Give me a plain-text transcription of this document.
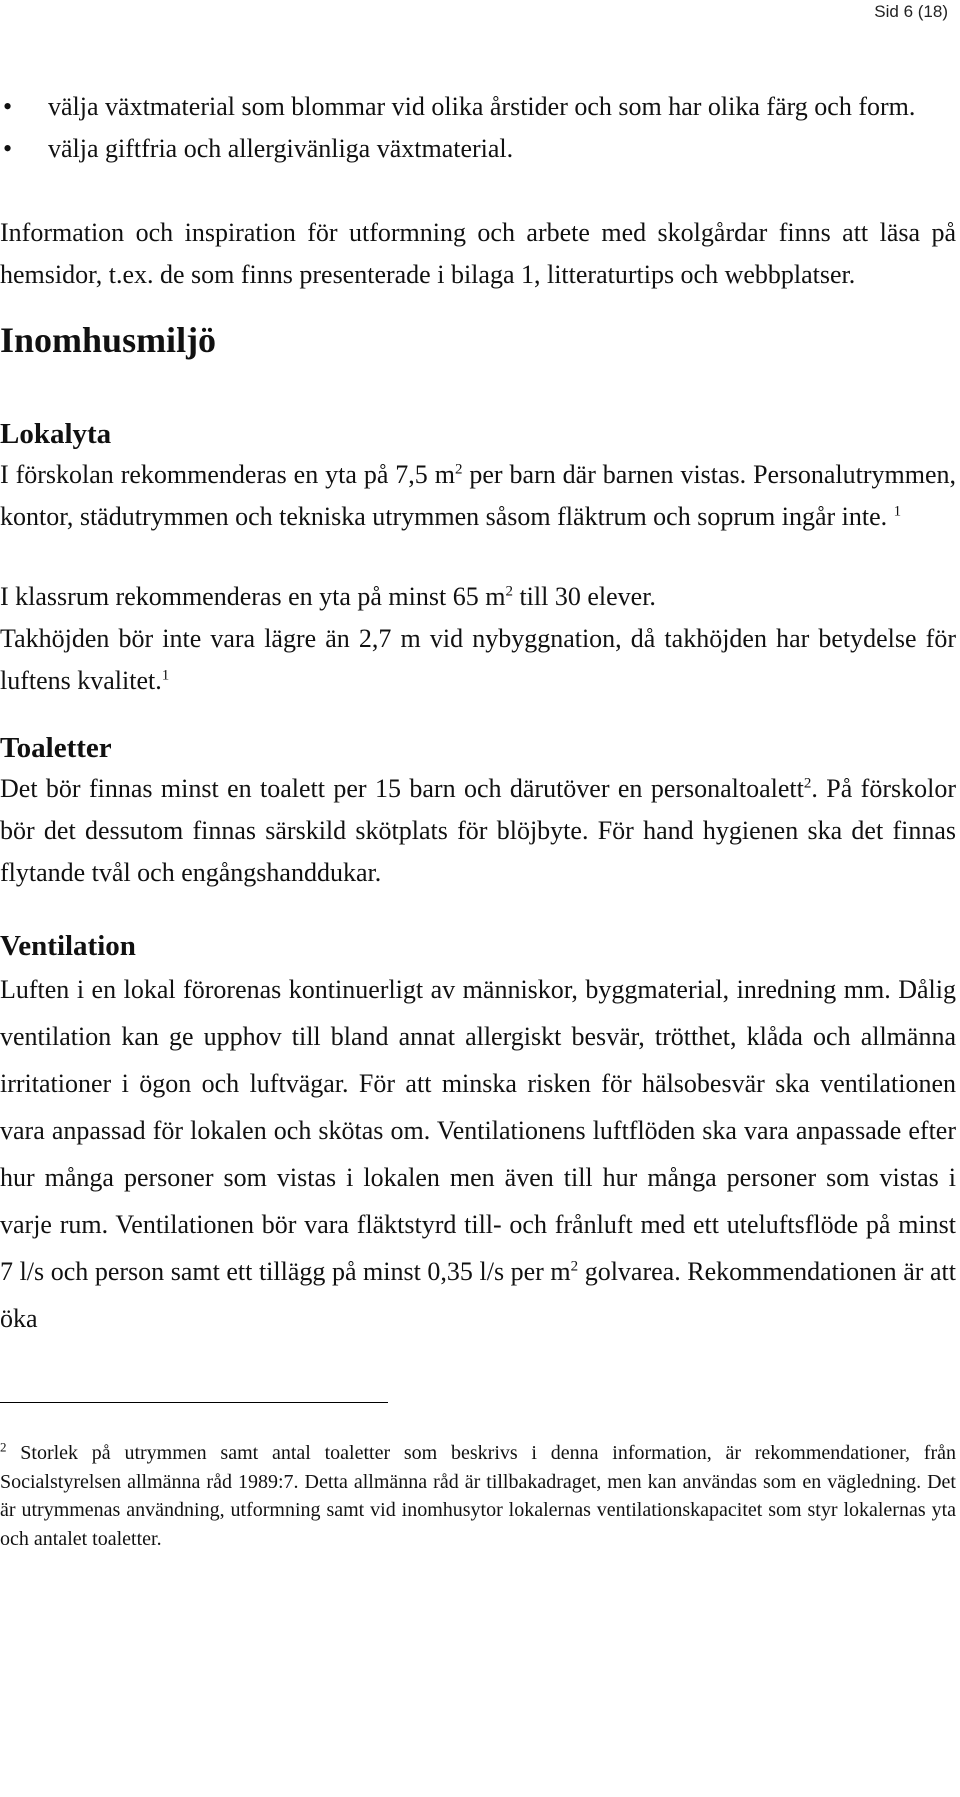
Sid 6 (18)
• välja växtmaterial som blommar vid olika årstider och som har olika färg och form.
• välja giftfria och allergivänliga växtmaterial.

Information och inspiration för utformning och arbete med skolgårdar finns att läsa på hemsidor, t.ex. de som finns presenterade i bilaga 1, litteraturtips och webbplatser.

Inomhusmiljö
Lokalyta

I förskolan rekommenderas en yta på 7,5 $m^2$ per barn där barnen vistas. Personalutrymmen, kontor, städutrymmen och tekniska utrymmen såsom fläktrum och soprum ingår inte. $^1$

I klassrum rekommenderas en yta på minst 65 $m^2$ till 30 elever.

Takhöjden bör inte vara lägre än 2,7 m vid nybyggnation, då takhöjden har betydelse för luftens kvalitet.$^1$

Toaletter

Det bör finnas minst en toalett per 15 barn och därutöver en personaltoalett$^2$. På förskolor bör det dessutom finnas särskild skötplats för blöjbyte. För hand hygienen ska det finnas flytande tvål och engångshanddukar.

Ventilation

Luften i en lokal förorenas kontinuerligt av människor, byggmaterial, inredning mm. Dålig ventilation kan ge upphov till bland annat allergiskt besvär, trötthet, klåda och allmänna irritationer i ögon och luftvägar. För att minska risken för hälsobesvär ska ventilationen vara anpassad för lokalen och skötas om. Ventilationens luftflöden ska vara anpassade efter hur många personer som vistas i lokalen men även till hur många personer som vistas i varje rum. Ventilationen bör vara fläktstyrd till- och frånluft med ett uteluftsflöde på minst 7 l/s och person samt ett tillägg på minst 0,35 l/s per $m^2$ golvarea. Rekommendationen är att öka

$^2$ Storlek på utrymmen samt antal toaletter som beskrivs i denna information, är rekommendationer, från Socialstyrelsen allmänna råd 1989:7. Detta allmänna råd är tillbakadraget, men kan användas som en vägledning. Det är utrymmenas användning, utformning samt vid inomhusytor lokalernas ventilationskapacitet som styr lokalernas yta och antalet toaletter.
